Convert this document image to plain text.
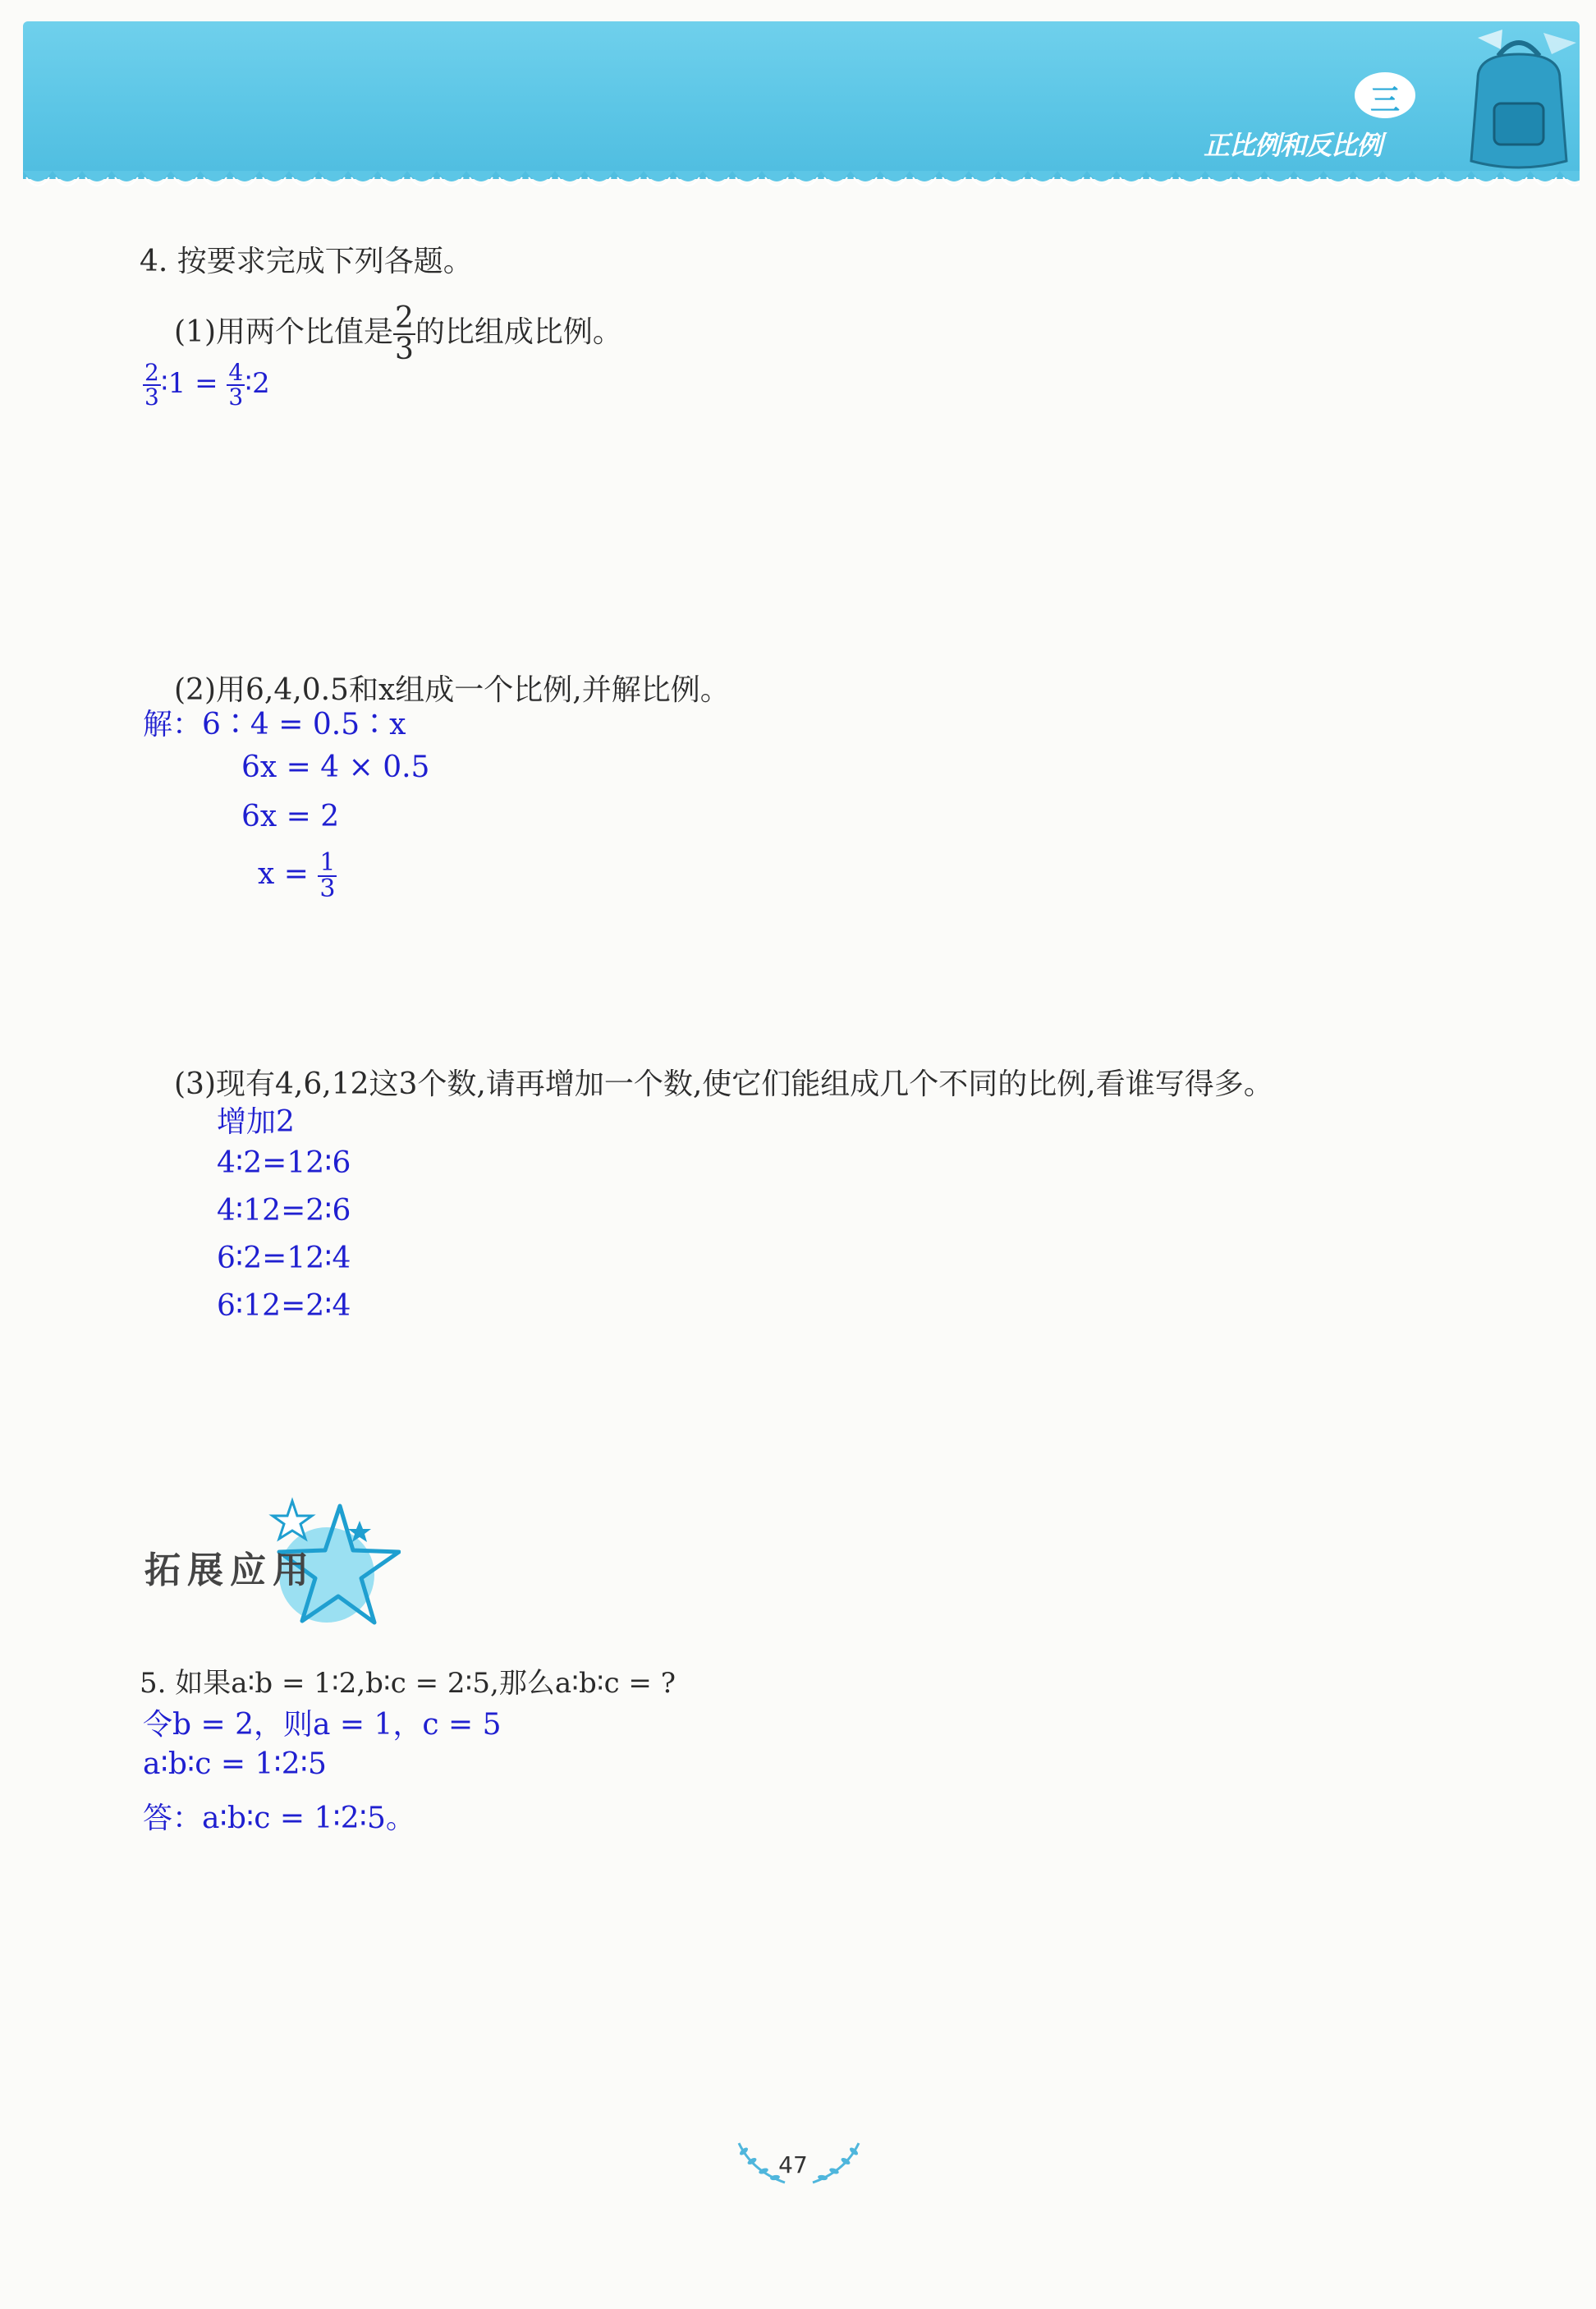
三
正比例和反比例
4. 按要求完成下列各题。
(1)用两个比值是 $\frac{2}{3}$ 的比组成比例。
$\frac{2}{3}$ ∶1 = $\frac{4}{3}$ ∶2
(2)用6,4,0.5和x组成一个比例,并解比例。
解：6∶4 = 0.5∶x
6x = 4 × 0.5
6x = 2
$x = \frac{1}{3}$
(3)现有4,6,12这3个数,请再增加一个数,使它们能组成几个不同的比例,看谁写得多。
增加2
4∶2=12∶6
4∶12=2∶6
6∶2=12∶4
6∶12=2∶4
拓展应用
5. 如果a∶b = 1∶2,b∶c = 2∶5,那么a∶b∶c = ?
令b = 2，则a = 1，c = 5
a∶b∶c = 1∶2∶5
答：a∶b∶c = 1∶2∶5。
47
